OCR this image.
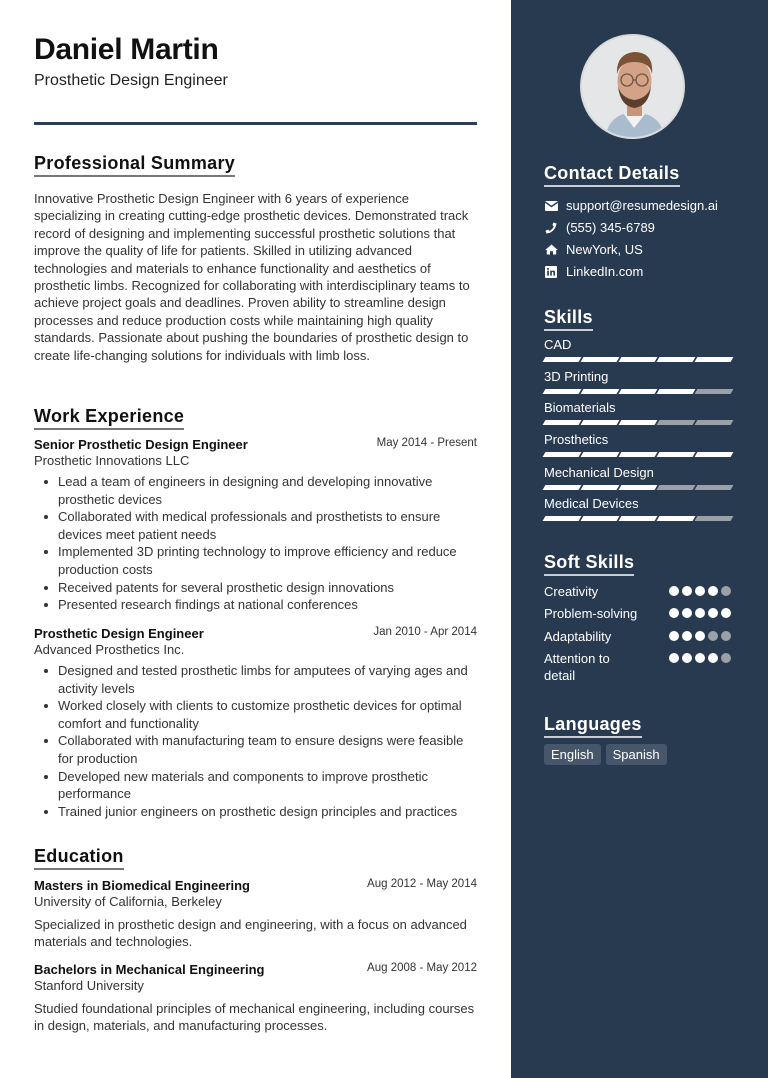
Daniel Martin
Prosthetic Design Engineer
Professional Summary
Innovative Prosthetic Design Engineer with 6 years of experience specializing in creating cutting-edge prosthetic devices. Demonstrated track record of designing and implementing successful prosthetic solutions that improve the quality of life for patients. Skilled in utilizing advanced technologies and materials to enhance functionality and aesthetics of prosthetic limbs. Recognized for collaborating with interdisciplinary teams to achieve project goals and deadlines. Proven ability to streamline design processes and reduce production costs while maintaining high quality standards. Passionate about pushing the boundaries of prosthetic design to create life-changing solutions for individuals with limb loss.
Work Experience
Senior Prosthetic Design Engineer	May 2014 - Present
Prosthetic Innovations LLC
Lead a team of engineers in designing and developing innovative prosthetic devices
Collaborated with medical professionals and prosthetists to ensure devices meet patient needs
Implemented 3D printing technology to improve efficiency and reduce production costs
Received patents for several prosthetic design innovations
Presented research findings at national conferences
Prosthetic Design Engineer	Jan 2010 - Apr 2014
Advanced Prosthetics Inc.
Designed and tested prosthetic limbs for amputees of varying ages and activity levels
Worked closely with clients to customize prosthetic devices for optimal comfort and functionality
Collaborated with manufacturing team to ensure designs were feasible for production
Developed new materials and components to improve prosthetic performance
Trained junior engineers on prosthetic design principles and practices
Education
Masters in Biomedical Engineering	Aug 2012 - May 2014
University of California, Berkeley
Specialized in prosthetic design and engineering, with a focus on advanced materials and technologies.
Bachelors in Mechanical Engineering	Aug 2008 - May 2012
Stanford University
Studied foundational principles of mechanical engineering, including courses in design, materials, and manufacturing processes.
Contact Details
support@resumedesign.ai
(555) 345-6789
NewYork, US
LinkedIn.com
Skills
CAD
3D Printing
Biomaterials
Prosthetics
Mechanical Design
Medical Devices
Soft Skills
Creativity
Problem-solving
Adaptability
Attention to detail
Languages
English	Spanish
